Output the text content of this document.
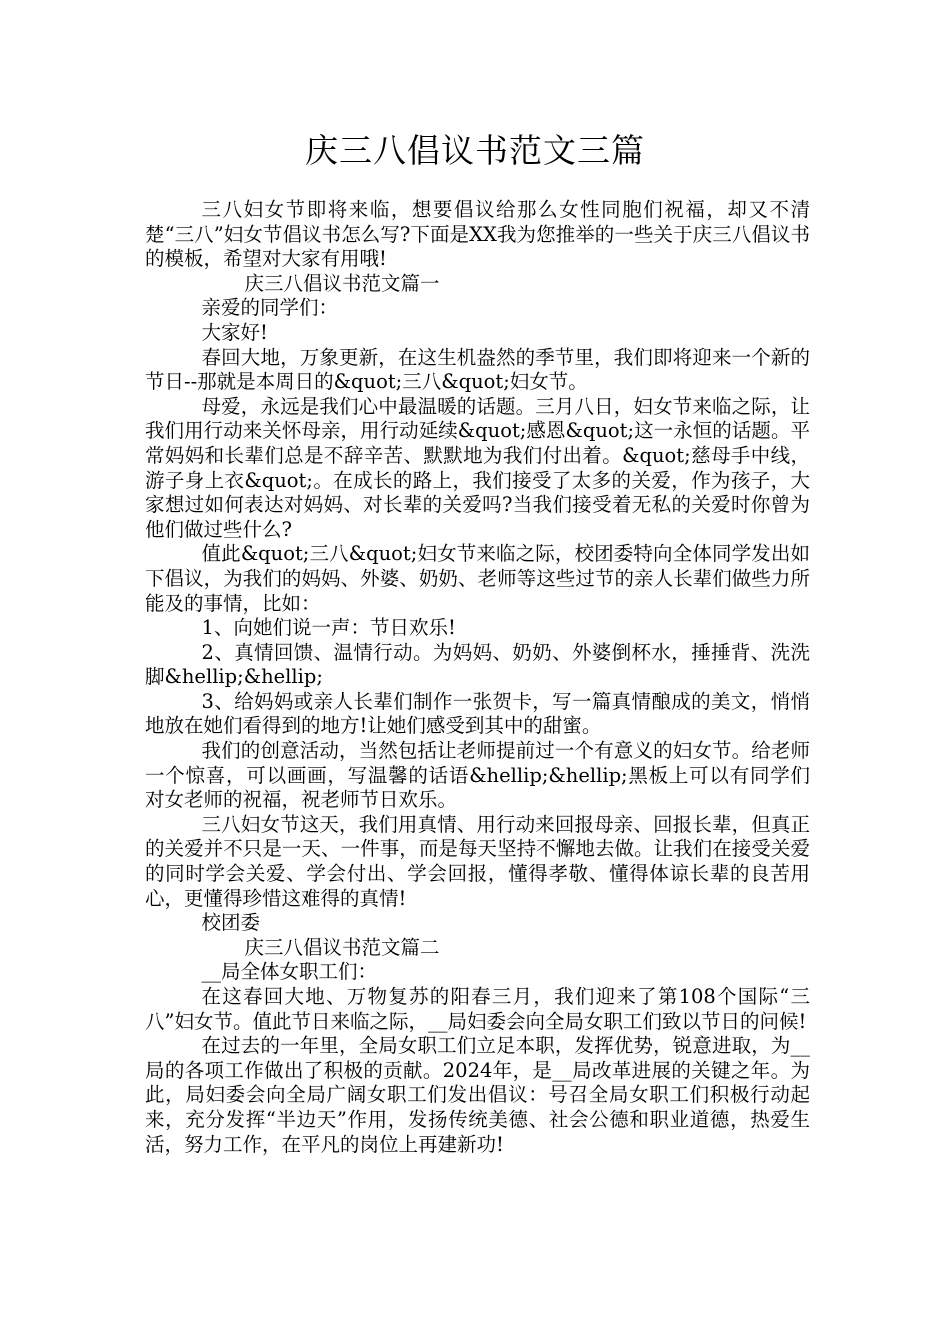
庆三八倡议书范文三篇

三八妇女节即将来临，想要倡议给那么女性同胞们祝福，却又不清楚“三八”妇女节倡议书怎么写?下面是XX我为您推举的一些关于庆三八倡议书的模板，希望对大家有用哦!

庆三八倡议书范文篇一

亲爱的同学们：

大家好!

春回大地，万象更新，在这生机盎然的季节里，我们即将迎来一个新的节日--那就是本周日的&quot;三八&quot;妇女节。

母爱，永远是我们心中最温暖的话题。三月八日，妇女节来临之际，让我们用行动来关怀母亲，用行动延续&quot;感恩&quot;这一永恒的话题。平常妈妈和长辈们总是不辞辛苦、默默地为我们付出着。&quot;慈母手中线，游子身上衣&quot;。在成长的路上，我们接受了太多的关爱，作为孩子，大家想过如何表达对妈妈、对长辈的关爱吗?当我们接受着无私的关爱时你曾为他们做过些什么?

值此&quot;三八&quot;妇女节来临之际，校团委特向全体同学发出如下倡议，为我们的妈妈、外婆、奶奶、老师等这些过节的亲人长辈们做些力所能及的事情，比如：

1、向她们说一声：节日欢乐!

2、真情回馈、温情行动。为妈妈、奶奶、外婆倒杯水，捶捶背、洗洗脚&hellip;&hellip;

3、给妈妈或亲人长辈们制作一张贺卡，写一篇真情酿成的美文，悄悄地放在她们看得到的地方!让她们感受到其中的甜蜜。

我们的创意活动，当然包括让老师提前过一个有意义的妇女节。给老师一个惊喜，可以画画，写温馨的话语&hellip;&hellip;黑板上可以有同学们对女老师的祝福，祝老师节日欢乐。

三八妇女节这天，我们用真情、用行动来回报母亲、回报长辈，但真正的关爱并不只是一天、一件事，而是每天坚持不懈地去做。让我们在接受关爱的同时学会关爱、学会付出、学会回报，懂得孝敬、懂得体谅长辈的良苦用心，更懂得珍惜这难得的真情!

校团委

庆三八倡议书范文篇二

__局全体女职工们：

在这春回大地、万物复苏的阳春三月，我们迎来了第108个国际“三八”妇女节。值此节日来临之际，__局妇委会向全局女职工们致以节日的问候!

在过去的一年里，全局女职工们立足本职，发挥优势，锐意进取，为__局的各项工作做出了积极的贡献。2024年，是__局改革进展的关键之年。为此，局妇委会向全局广阔女职工们发出倡议：号召全局女职工们积极行动起来，充分发挥“半边天”作用，发扬传统美德、社会公德和职业道德，热爱生活，努力工作，在平凡的岗位上再建新功!
